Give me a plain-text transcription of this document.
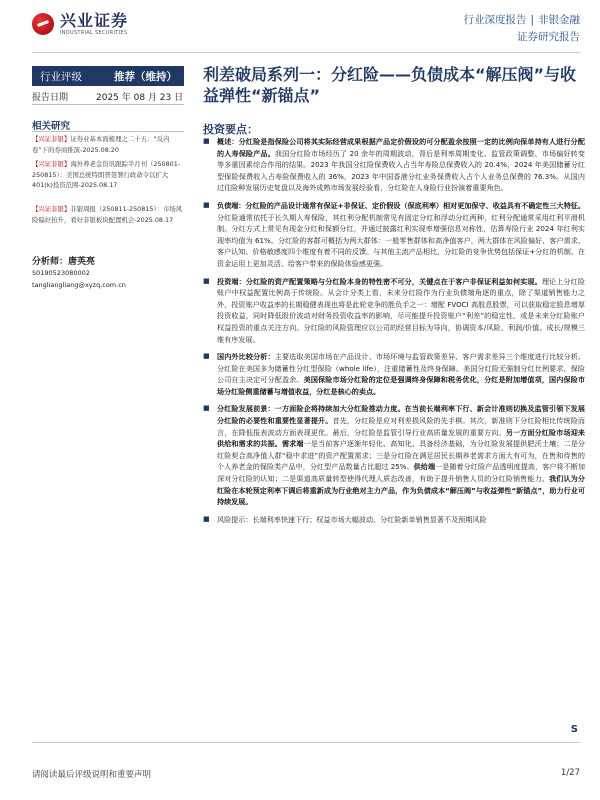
兴业证券
INDUSTRIAL SECURITIES
行业深度报告 | 非银金融
证券研究报告
行业评级	推荐（维持）
报告日期	2025 年 08 月 23 日
利差破局系列一：分红险——负债成本“解压阀”与收益弹性“新锚点”
投资要点：
相关研究
【兴证非银】证券业基本面梳理之二十五：“反内卷”下的券商推演-2025.08.20
【兴证非银】海外养老金资讯跟踪半月刊（250801-250815）：美国总统特朗普签署行政命令以扩大 401(k)投资范围-2025.08.17
【兴证非银】非银周报（250811-250815）：市场风险偏好抬升，看好非银板块配置机会-2025.08.17
分析师：唐英亮
S0190523080002
tangliangliang@xyzq.com.cn
■ 概述：分红险是指保险公司将其实际经营成果根据产品定价假设的可分配盈余按照一定的比例向保单持有人进行分配的人寿保险产品。我国分红险市场经历了 20 余年的周期波动，背后是利率周期变化、监管政策调整、市场偏好转变等多重因素综合作用的结果。2023 年我国分红险保费收入占当年寿险总保费收入的 20.4%，2024 年美国储蓄分红型保险保费收入占寿险保费收入的 36%，2023 年中国香港分红业务保费收入占个人业务总保费的 76.3%。从国内过往险种发展历史复盘以及海外成熟市场发展经验看，分红险在人身险行业扮演着重要角色。
■ 负债端：分红险的产品设计通常有保证+非保证、定价假设（保底利率）相对更加保守、收益具有不确定性三大特征。分红险通常依托于长久期人寿保险，其红利分配机制常见有固定分红和浮动分红两种，红利分配通常采用红利平滑机制。分红方式上常见有现金分红和保额分红，并通过披露红利实现率增强信息对称性，估算寿险行业 2024 年红利实现率均值为 61%。分红险的客群可概括为两大群体：一般零售群体和高净值客户，两大群体在风险偏好、客户需求、客户认知、价格敏感度四个维度有着不同的反馈。与其他主流产品相比，分红险的竞争优势包括保证+分红的机制、在资金运用上更加灵活、给客户带来的保险体验感更强。
■ 投资端：分红险的资产配置策略与分红险本身的特性密不可分，关键点在于客户非保证利益如何实现。理论上分红险账户中权益配置比例高于传统险。从会计分类上看，未来分红险作为行业负债端角逐的重点，除了渠道销售能力之外，投资账户收益率的长期稳健表现也将是此轮竞争的胜负手之一：增配 FVOCI 高股息股票，可以获取稳定股息增厚投资收益，同时降低股价波动对财务投资收益率的影响，尽可能提升投资账户“利差”的稳定性，或是未来分红险账户权益投资的重点关注方向。分红险的风险管理应以公司的经营目标为导向，协调资本/风险、利润/价值、成长/规模三维有序发展。
■ 国内外比较分析：主要选取美国市场在产品设计、市场环境与监管政策差异、客户需求差异三个维度进行比较分析。分红险在美国多为储蓄性分红型保险（whole life），注重储蓄性及终身保障。美国分红险无强制分红比例要求，保险公司自主决定可分配盈余。美国保险市场分红险的定位是强调终身保障和税务优化，分红是附加增值项，国内保险市场分红险侧重储蓄与增值收益，分红是核心的卖点。
■ 分红险发展前景：一方面险企将持续加大分红险推动力度。在当前长端利率下行、新会计准则切换及监管引领下发展分红险的必要性和重要性显著提升。首先，分红险是应对利差损风险的先手棋。其次，新准则下分红险相比传统险而言，在降低报表波动方面表现更优。最后，分红险是监管引导行业高质量发展的重要方向。另一方面分红险市场迎来供给和需求的共振。需求端一是当前客户逐渐年轻化、高知化、具备经济基础，为分红险发展提供肥沃土壤；二是分红险契合高净值人群“稳中求进”的资产配置需求；三是分红险在满足居民长期养老需求方面大有可为，在售和待售的个人养老金的保险类产品中，分红型产品数量占比超过 25%。供给端一是随着分红险产品透明度提高，客户将不断加深对分红险的认知；二是渠道高质量转型使得代理人质态改善，有助于提升销售人员的分红险销售能力。我们认为分红险在本轮预定利率下调后将重新成为行业绝对主力产品，作为负债成本“解压阀”与收益弹性“新锚点”，助力行业可持续发展。
■ 风险提示：长端利率快速下行；权益市场大幅波动、分红险新单销售显著不及预期风险
S
请阅读最后评级说明和重要声明	1/27
